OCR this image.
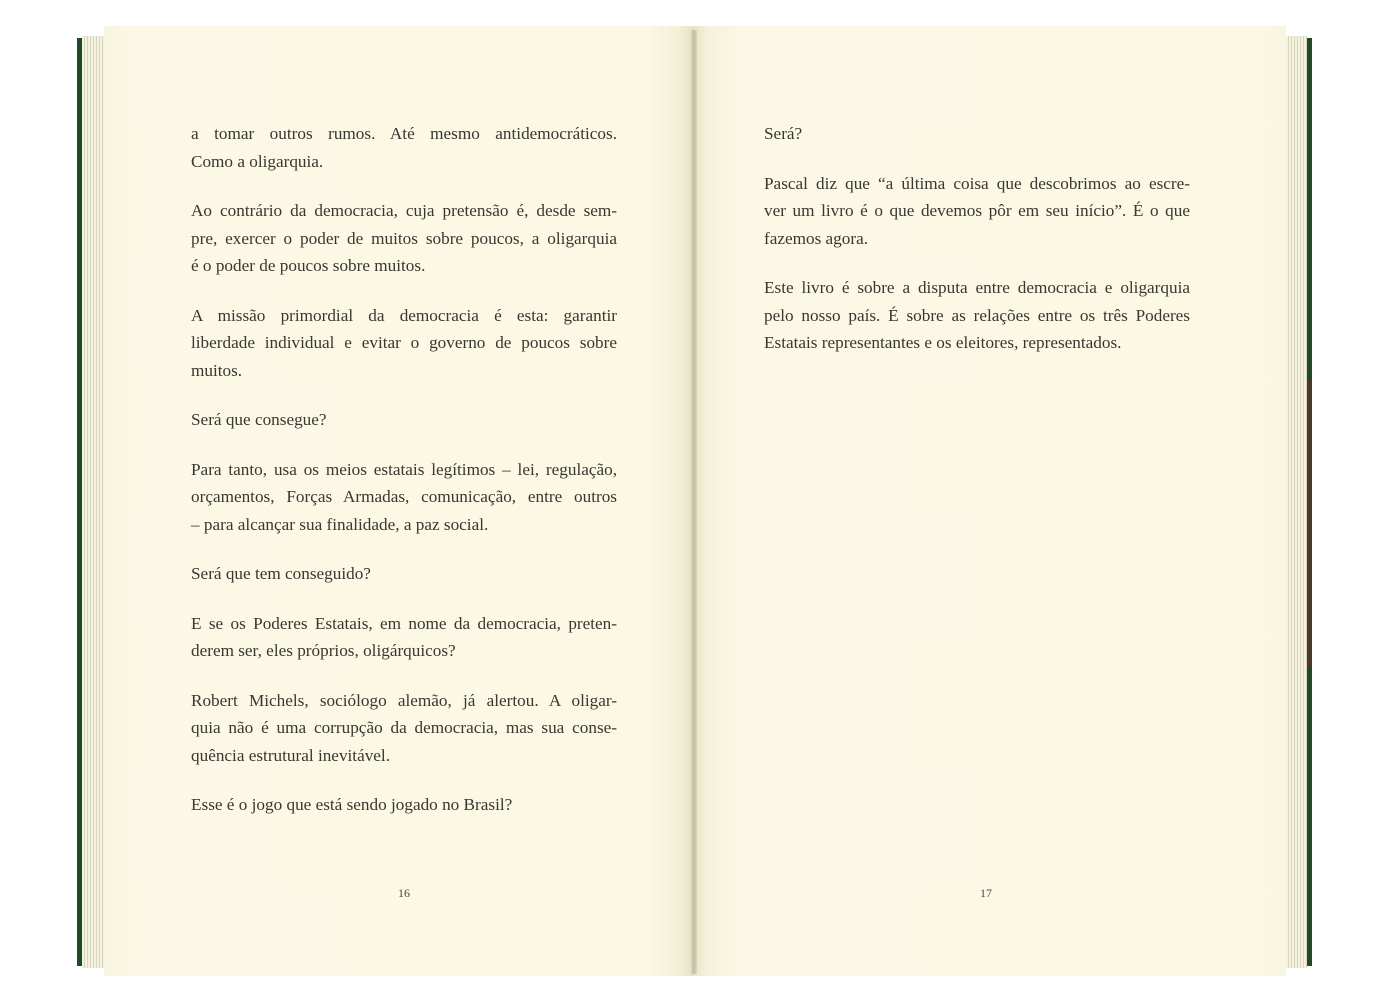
a tomar outros rumos. Até mesmo antidemocráticos.
Como a oligarquia.
Ao contrário da democracia, cuja pretensão é, desde sem-
pre, exercer o poder de muitos sobre poucos, a oligarquia
é o poder de poucos sobre muitos.
A missão primordial da democracia é esta: garantir
liberdade individual e evitar o governo de poucos sobre
muitos.
Será que consegue?
Para tanto, usa os meios estatais legítimos – lei, regulação,
orçamentos, Forças Armadas, comunicação, entre outros
– para alcançar sua finalidade, a paz social.
Será que tem conseguido?
E se os Poderes Estatais, em nome da democracia, preten-
derem ser, eles próprios, oligárquicos?
Robert Michels, sociólogo alemão, já alertou. A oligar-
quia não é uma corrupção da democracia, mas sua conse-
quência estrutural inevitável.
Esse é o jogo que está sendo jogado no Brasil?
Será?
Pascal diz que “a última coisa que descobrimos ao escre-
ver um livro é o que devemos pôr em seu início”. É o que
fazemos agora.
Este livro é sobre a disputa entre democracia e oligarquia
pelo nosso país. É sobre as relações entre os três Poderes
Estatais representantes e os eleitores, representados.
16	17
